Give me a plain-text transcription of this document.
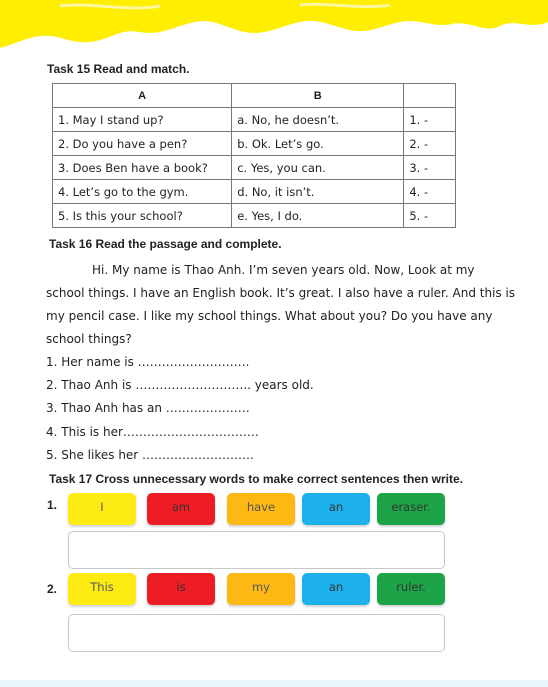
Task 15 Read and match.
A	B	
1. May I stand up?	a. No, he doesn’t.	1. -
2. Do you have a pen?	b. Ok. Let’s go.	2. -
3. Does Ben have a book?	c. Yes, you can.	3. -
4. Let’s go to the gym.	d. No, it isn’t.	4. -
5. Is this your school?	e. Yes, I do.	5. -
Task 16 Read the passage and complete.

Hi. My name is Thao Anh. I’m seven years old. Now, Look at my school things. I have an English book. It’s great. I also have a ruler. And this is my pencil case. I like my school things. What about you? Do you have any school things?

1. Her name is ……………………….
2. Thao Anh is ……………………….. years old.
3. Thao Anh has an …………………
4. This is her…………………………….
5. She likes her ……………………….
Task 17 Cross unnecessary words to make correct sentences then write.
1.	I	am	have	an	eraser.
2.	This	is	my	an	ruler.
